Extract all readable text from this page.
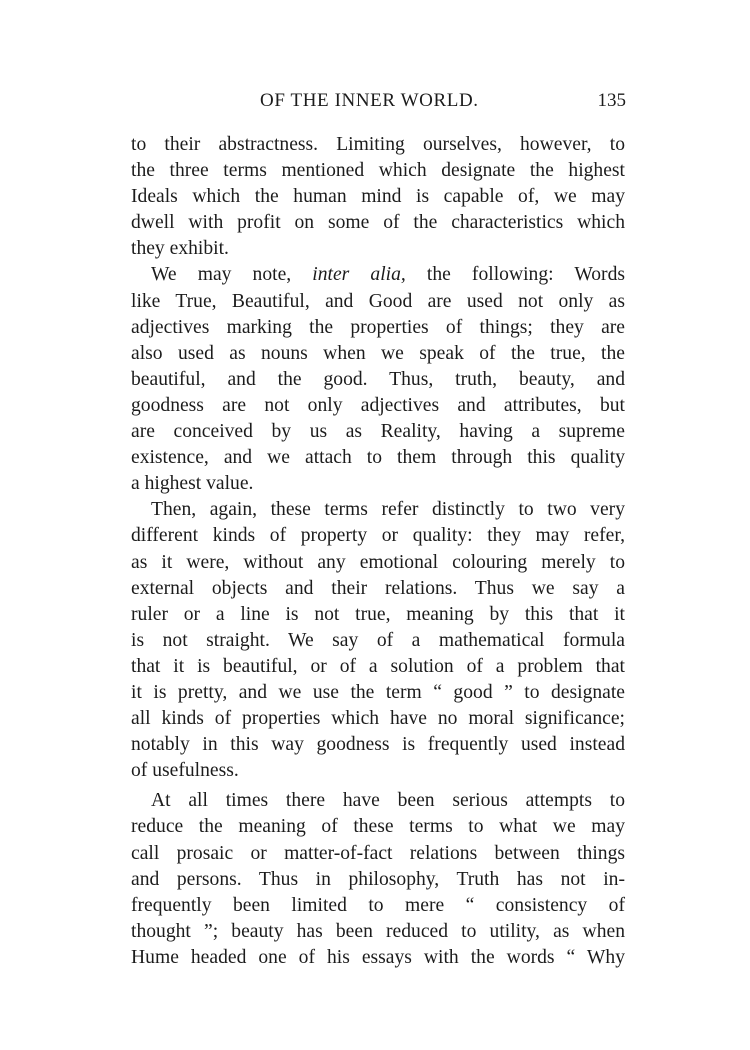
OF THE INNER WORLD.	135
to their abstractness. Limiting ourselves, however, to
the three terms mentioned which designate the highest
Ideals which the human mind is capable of, we may
dwell with profit on some of the characteristics which
they exhibit.
We may note, inter alia, the following: Words
like True, Beautiful, and Good are used not only as
adjectives marking the properties of things; they are
also used as nouns when we speak of the true, the
beautiful, and the good. Thus, truth, beauty, and
goodness are not only adjectives and attributes, but
are conceived by us as Reality, having a supreme
existence, and we attach to them through this quality
a highest value.
Then, again, these terms refer distinctly to two very
different kinds of property or quality: they may refer,
as it were, without any emotional colouring merely to
external objects and their relations. Thus we say a
ruler or a line is not true, meaning by this that it
is not straight. We say of a mathematical formula
that it is beautiful, or of a solution of a problem that
it is pretty, and we use the term “ good ” to designate
all kinds of properties which have no moral significance;
notably in this way goodness is frequently used instead
of usefulness.
At all times there have been serious attempts to
reduce the meaning of these terms to what we may
call prosaic or matter-of-fact relations between things
and persons. Thus in philosophy, Truth has not in-
frequently been limited to mere “ consistency of
thought ”; beauty has been reduced to utility, as when
Hume headed one of his essays with the words “ Why
